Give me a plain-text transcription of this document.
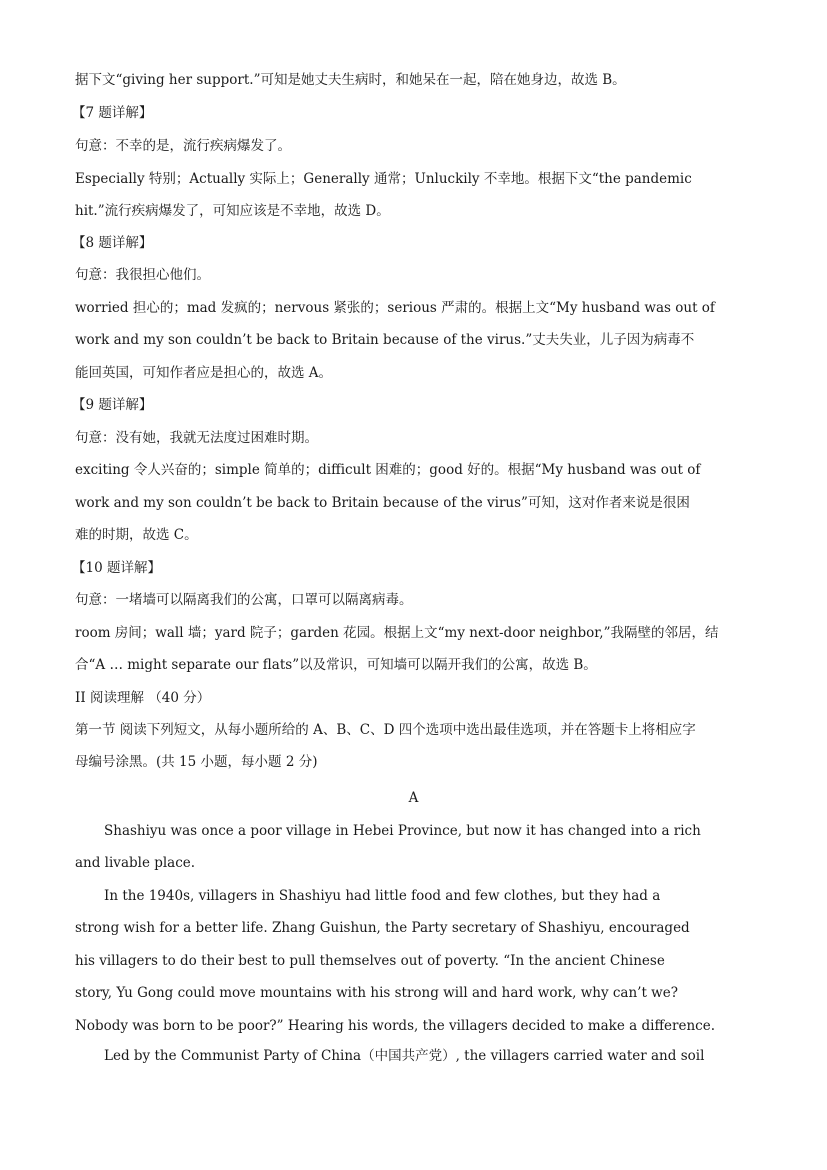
据下文“giving her support.”可知是她丈夫生病时，和她呆在一起，陪在她身边，故选 B。
【7 题详解】
句意：不幸的是，流行疾病爆发了。
Especially 特别；Actually 实际上；Generally 通常；Unluckily 不幸地。根据下文“the pandemic
hit.”流行疾病爆发了，可知应该是不幸地，故选 D。
【8 题详解】
句意：我很担心他们。
worried 担心的；mad 发疯的；nervous 紧张的；serious 严肃的。根据上文“My husband was out of
work and my son couldn’t be back to Britain because of the virus.”丈夫失业，儿子因为病毒不
能回英国，可知作者应是担心的，故选 A。
【9 题详解】
句意：没有她，我就无法度过困难时期。
exciting 令人兴奋的；simple 简单的；difficult 困难的；good 好的。根据“My husband was out of
work and my son couldn’t be back to Britain because of the virus”可知，这对作者来说是很困
难的时期，故选 C。
【10 题详解】
句意：一堵墙可以隔离我们的公寓，口罩可以隔离病毒。
room 房间；wall 墙；yard 院子；garden 花园。根据上文“my next-door neighbor,”我隔壁的邻居，结
合“A … might separate our flats”以及常识，可知墙可以隔开我们的公寓，故选 B。
II 阅读理解 （40 分）
第一节 阅读下列短文，从每小题所给的 A、B、C、D 四个选项中选出最佳选项，并在答题卡上将相应字
母编号涂黑。(共 15 小题，每小题 2 分)
A
Shashiyu was once a poor village in Hebei Province, but now it has changed into a rich
and livable place.
In the 1940s, villagers in Shashiyu had little food and few clothes, but they had a
strong wish for a better life. Zhang Guishun, the Party secretary of Shashiyu, encouraged
his villagers to do their best to pull themselves out of poverty. “In the ancient Chinese
story, Yu Gong could move mountains with his strong will and hard work, why can’t we?
Nobody was born to be poor?” Hearing his words, the villagers decided to make a difference.
Led by the Communist Party of China（中国共产党）, the villagers carried water and soil
